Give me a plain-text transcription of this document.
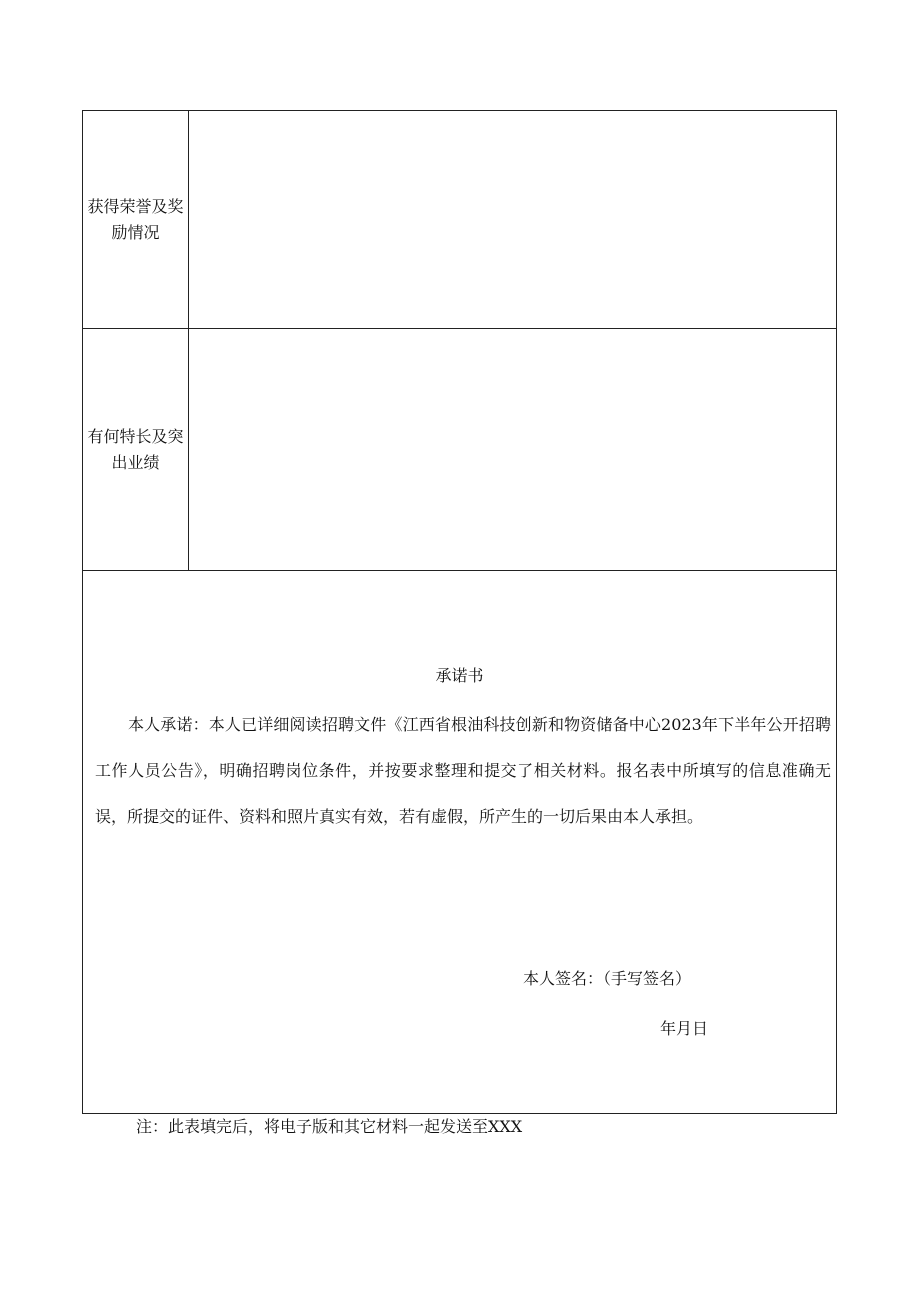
获得荣誉及奖
励情况
有何特长及突
出业绩
承诺书

本人承诺：本人已详细阅读招聘文件《江西省根油科技创新和物资储备中心2023年下半年公开招聘工作人员公告》，明确招聘岗位条件，并按要求整理和提交了相关材料。报名表中所填写的信息准确无误，所提交的证件、资料和照片真实有效，若有虚假，所产生的一切后果由本人承担。

本人签名：（手写签名）
年月日
注：此表填完后，将电子版和其它材料一起发送至XXX
